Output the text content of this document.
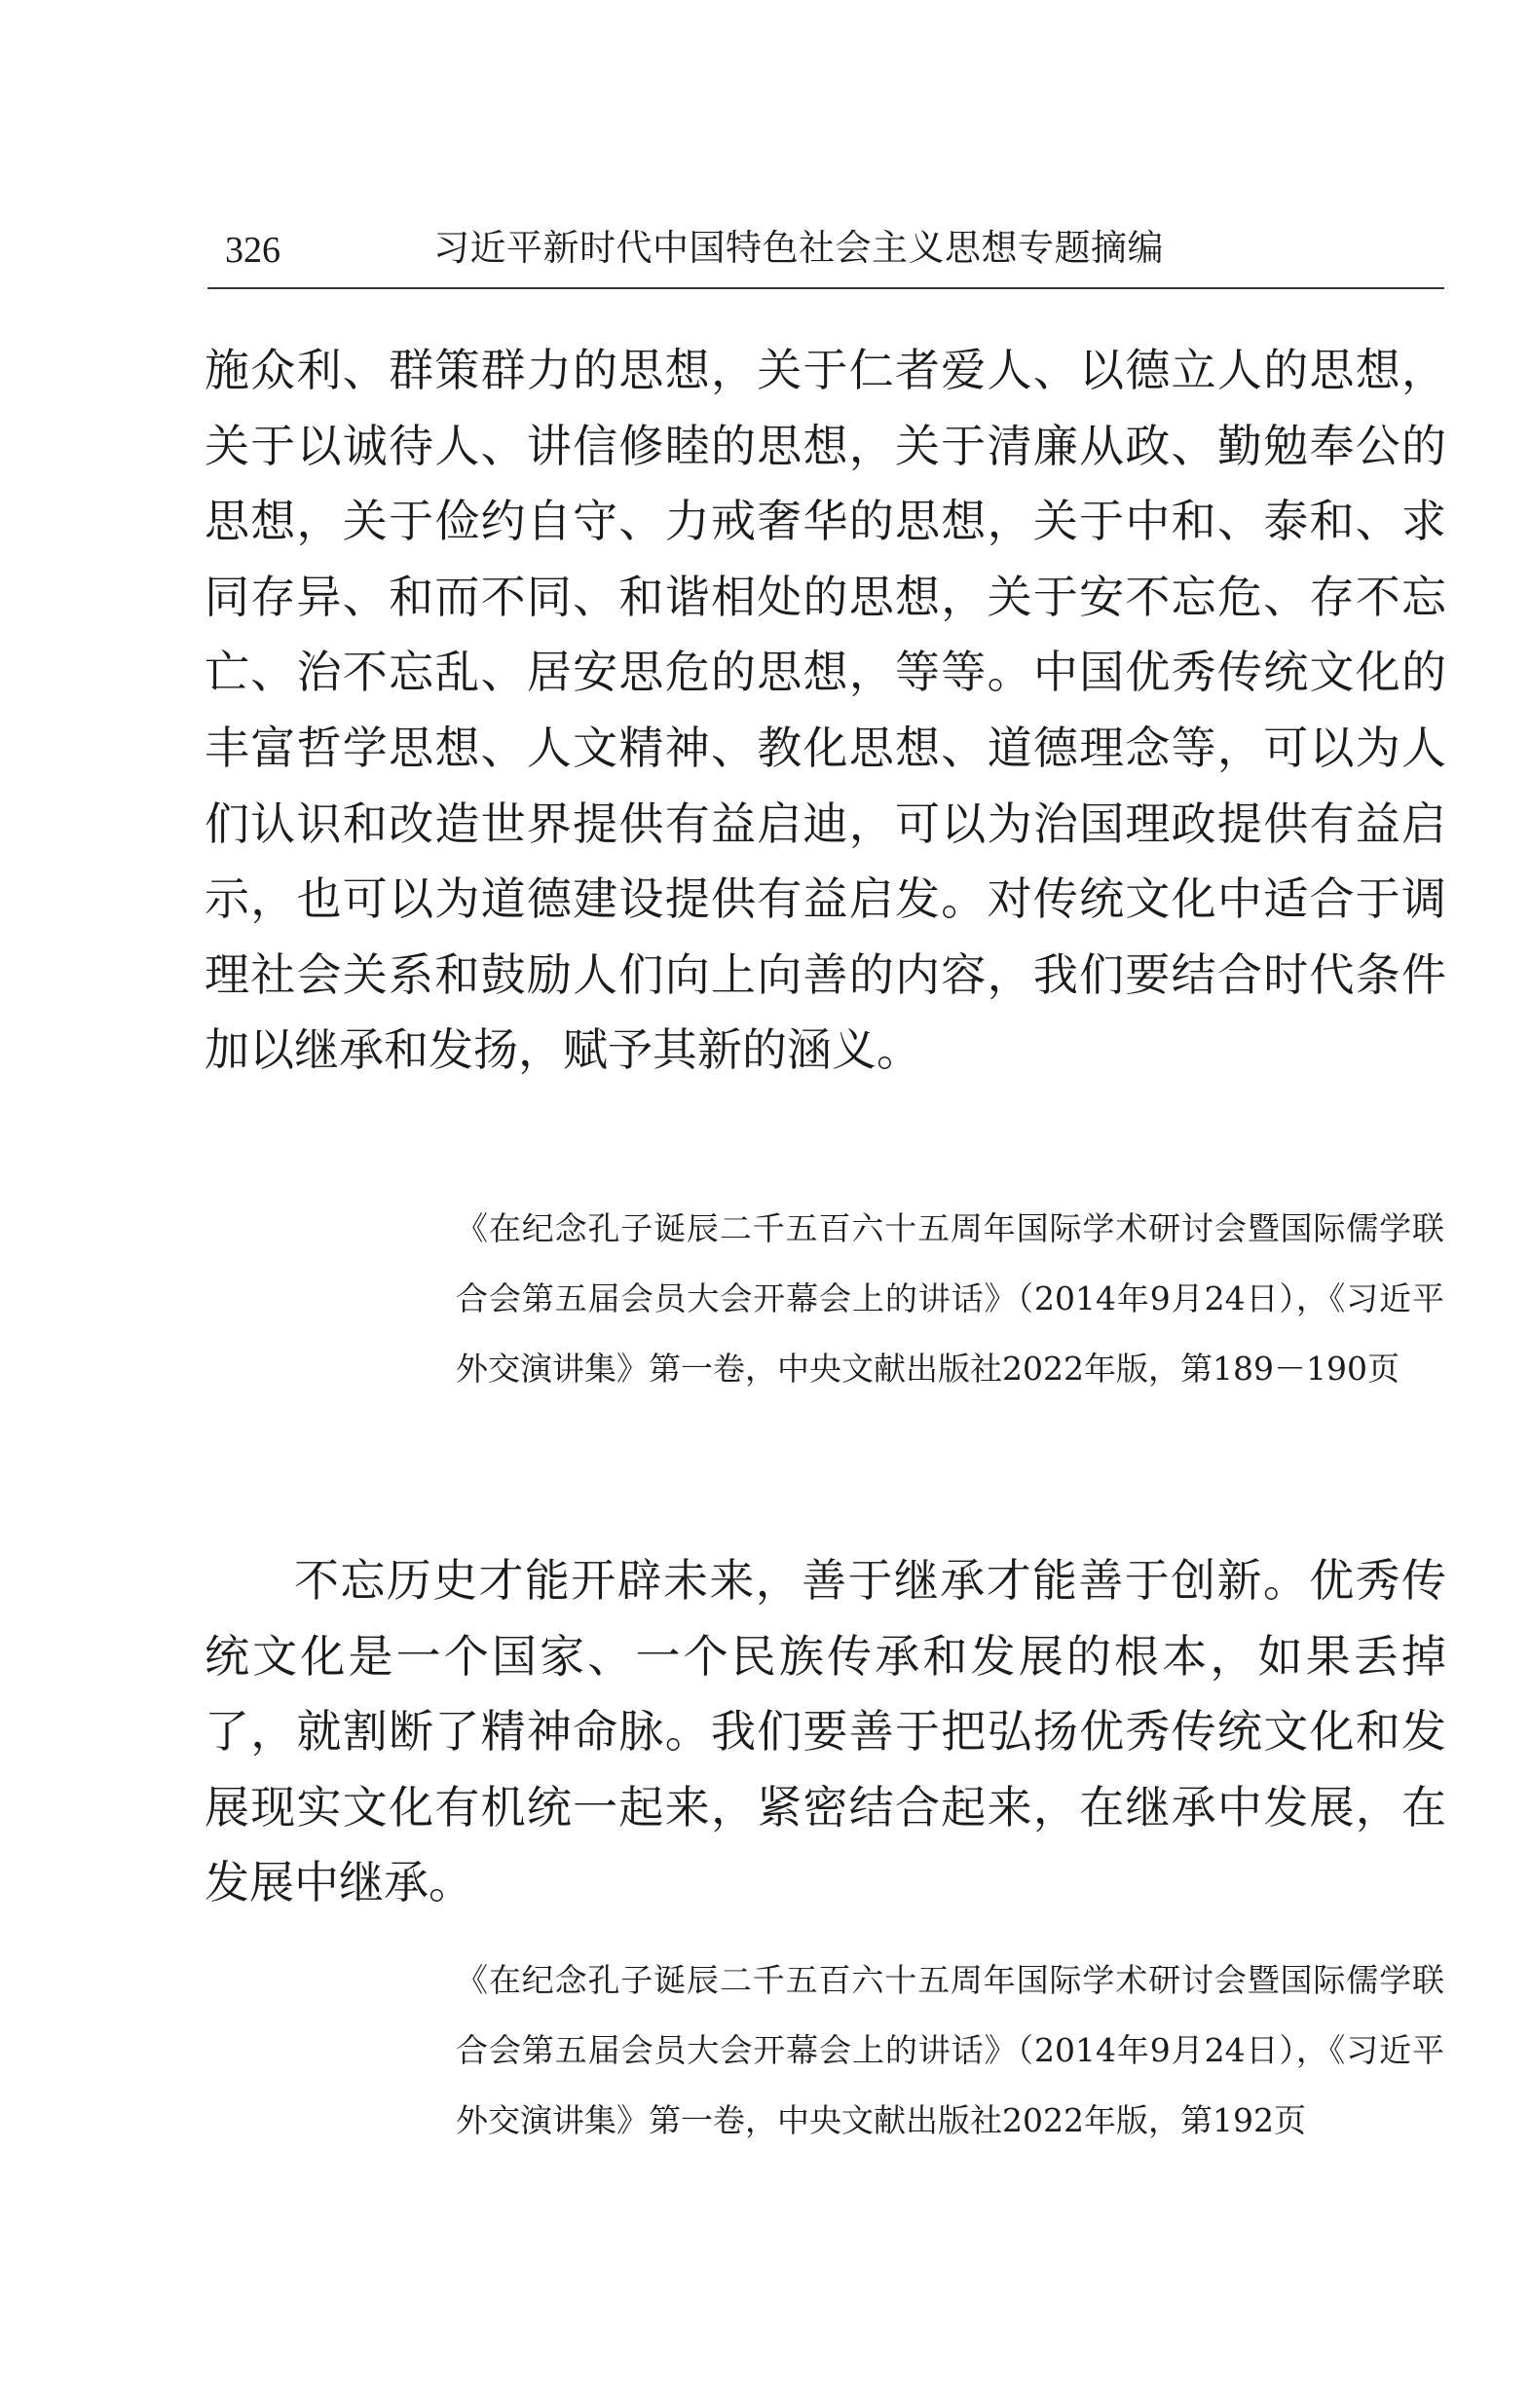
326	习近平新时代中国特色社会主义思想专题摘编

施众利、群策群力的思想，关于仁者爱人、以德立人的思想，关于以诚待人、讲信修睦的思想，关于清廉从政、勤勉奉公的思想，关于俭约自守、力戒奢华的思想，关于中和、泰和、求同存异、和而不同、和谐相处的思想，关于安不忘危、存不忘亡、治不忘乱、居安思危的思想，等等。中国优秀传统文化的丰富哲学思想、人文精神、教化思想、道德理念等，可以为人们认识和改造世界提供有益启迪，可以为治国理政提供有益启示，也可以为道德建设提供有益启发。对传统文化中适合于调理社会关系和鼓励人们向上向善的内容，我们要结合时代条件加以继承和发扬，赋予其新的涵义。

《在纪念孔子诞辰二千五百六十五周年国际学术研讨会暨国际儒学联合会第五届会员大会开幕会上的讲话》（2014年9月24日），《习近平外交演讲集》第一卷，中央文献出版社2022年版，第189－190页

不忘历史才能开辟未来，善于继承才能善于创新。优秀传统文化是一个国家、一个民族传承和发展的根本，如果丢掉了，就割断了精神命脉。我们要善于把弘扬优秀传统文化和发展现实文化有机统一起来，紧密结合起来，在继承中发展，在发展中继承。

《在纪念孔子诞辰二千五百六十五周年国际学术研讨会暨国际儒学联合会第五届会员大会开幕会上的讲话》（2014年9月24日），《习近平外交演讲集》第一卷，中央文献出版社2022年版，第192页
